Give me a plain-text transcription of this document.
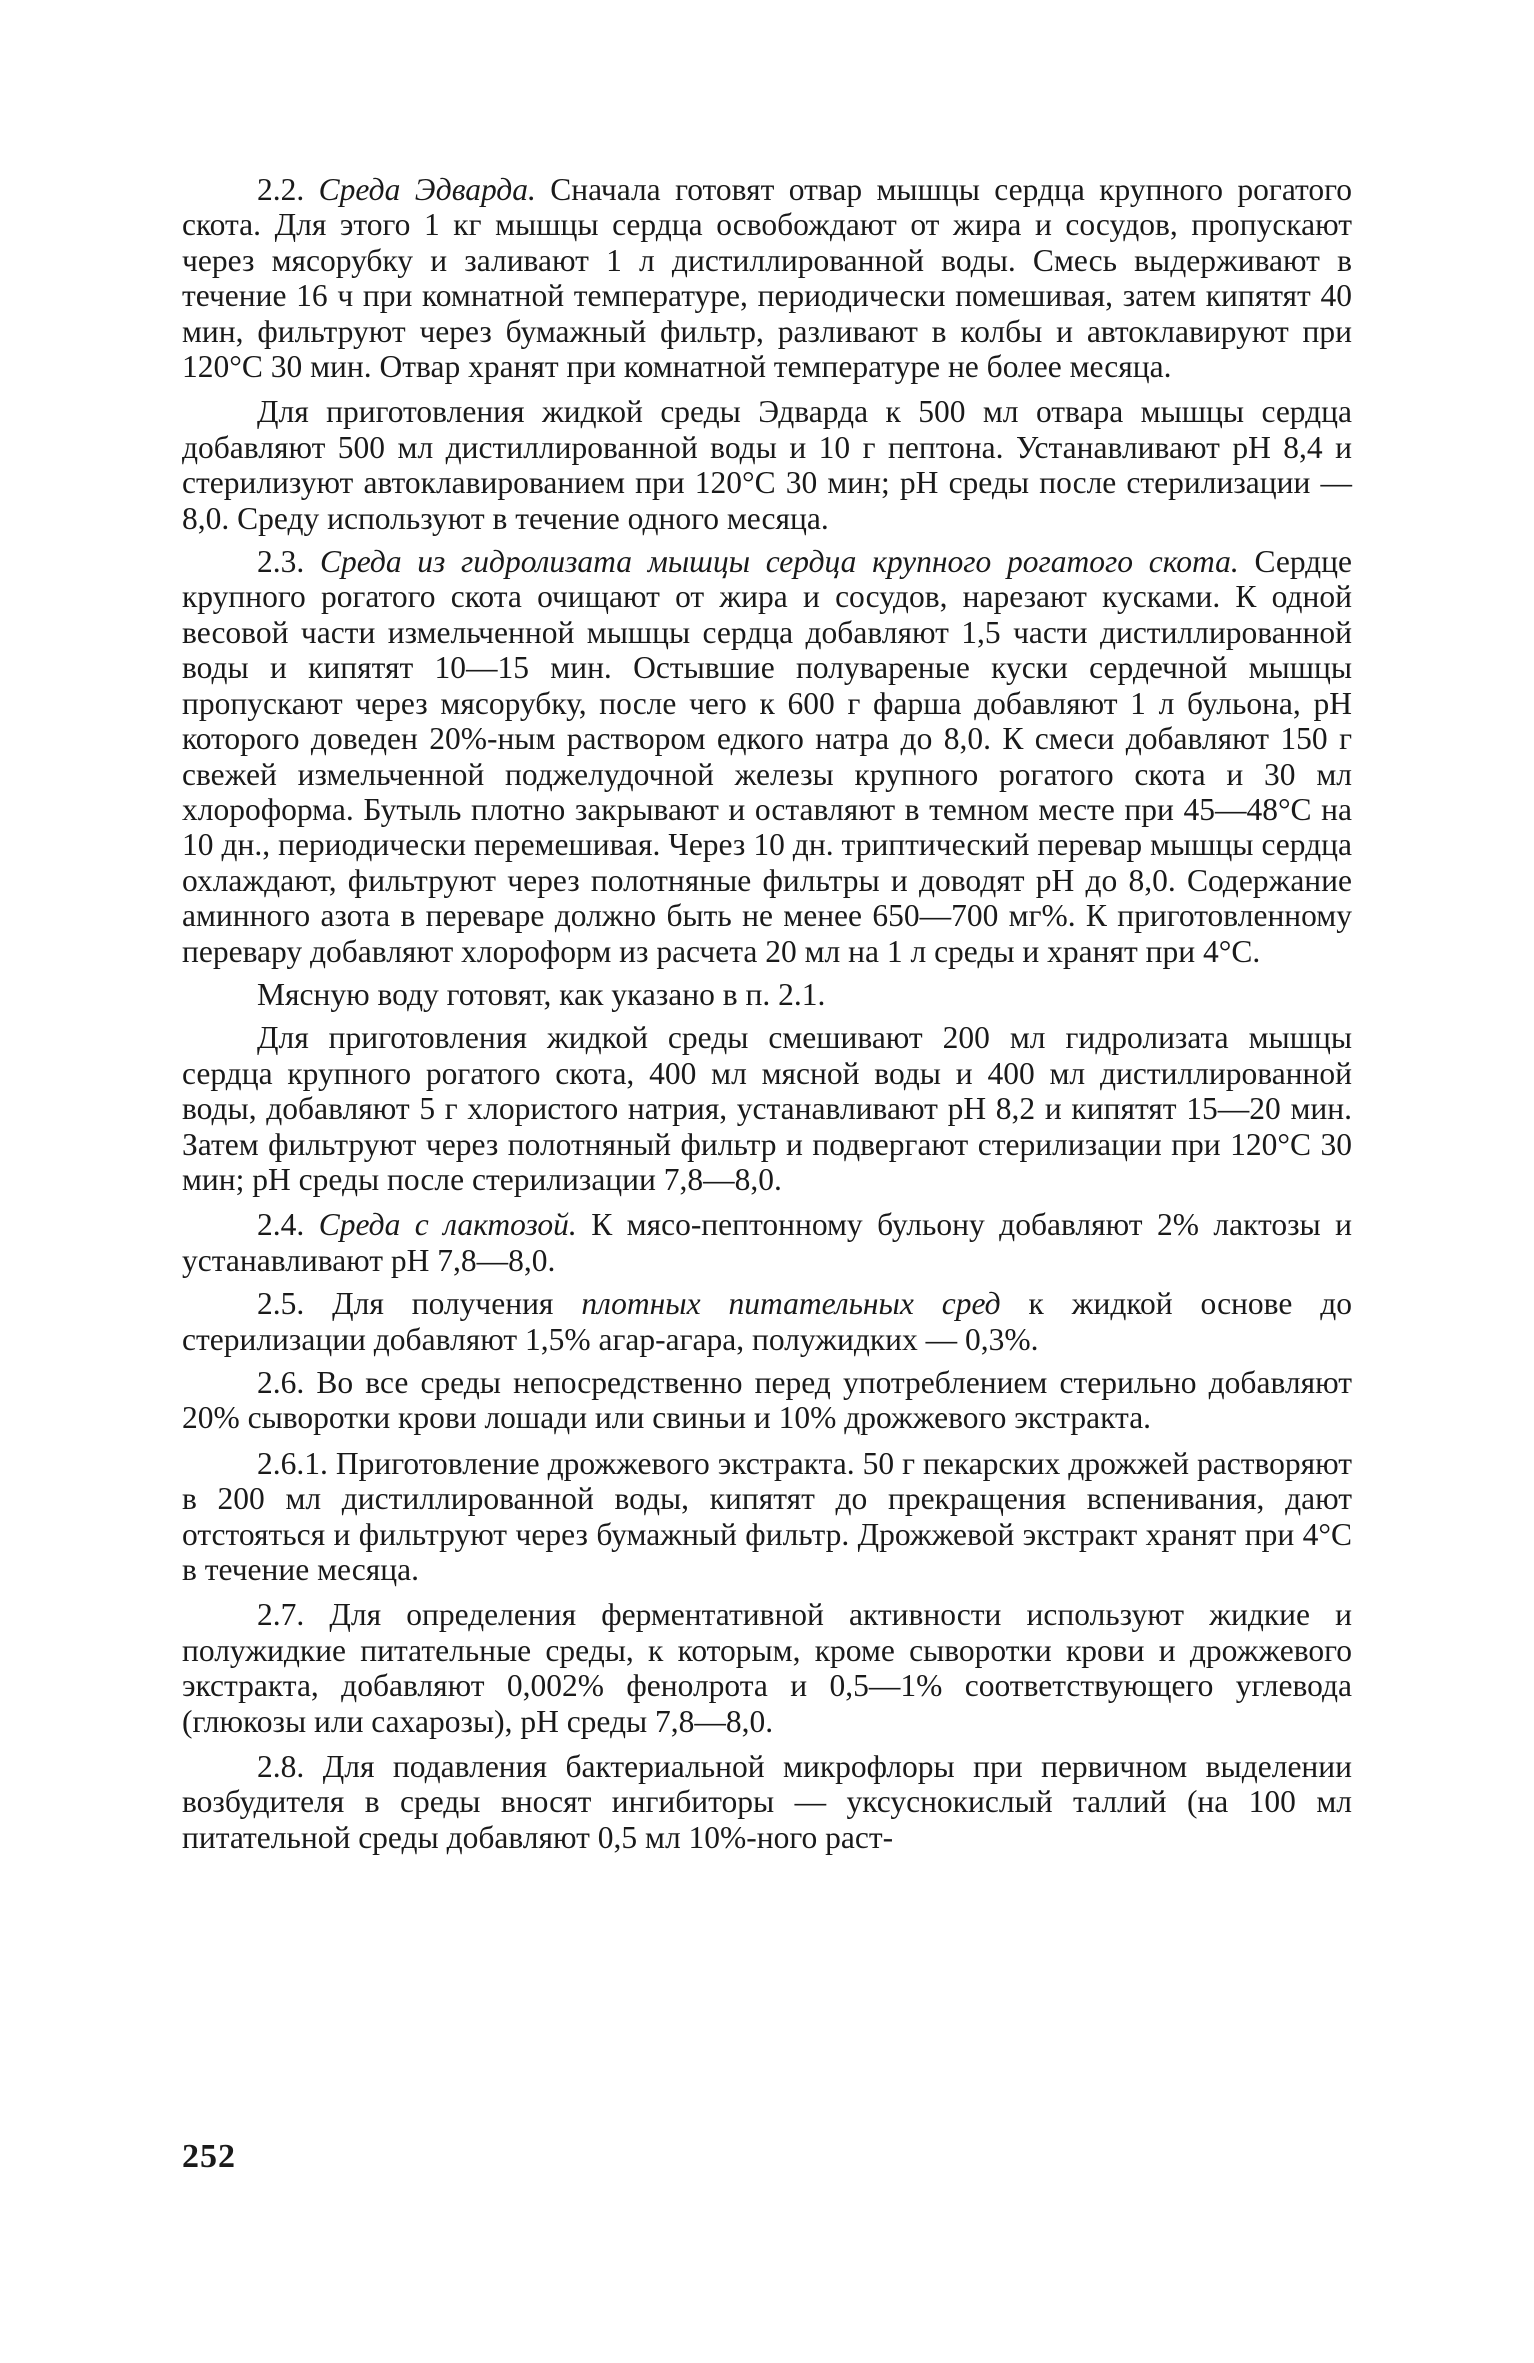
2.2. Среда Эдварда. Сначала готовят отвар мышцы сердца крупного рогатого скота. Для этого 1 кг мышцы сердца освобождают от жира и сосудов, пропускают через мясорубку и заливают 1 л дистиллированной воды. Смесь выдерживают в течение 16 ч при комнатной температуре, периодически помешивая, затем кипятят 40 мин, фильтруют через бумажный фильтр, разливают в колбы и автоклавируют при 120°С 30 мин. Отвар хранят при комнатной температуре не более месяца.

Для приготовления жидкой среды Эдварда к 500 мл отвара мышцы сердца добавляют 500 мл дистиллированной воды и 10 г пептона. Устанавливают рН 8,4 и стерилизуют автоклавированием при 120°С 30 мин; рН среды после стерилизации — 8,0. Среду используют в течение одного месяца.

2.3. Среда из гидролизата мышцы сердца крупного рогатого скота. Сердце крупного рогатого скота очищают от жира и сосудов, нарезают кусками. К одной весовой части измельченной мышцы сердца добавляют 1,5 части дистиллированной воды и кипятят 10—15 мин. Остывшие полувареные куски сердечной мышцы пропускают через мясорубку, после чего к 600 г фарша добавляют 1 л бульона, рН которого доведен 20%-ным раствором едкого натра до 8,0. К смеси добавляют 150 г свежей измельченной поджелудочной железы крупного рогатого скота и 30 мл хлороформа. Бутыль плотно закрывают и оставляют в темном месте при 45—48°С на 10 дн., периодически перемешивая. Через 10 дн. триптический перевар мышцы сердца охлаждают, фильтруют через полотняные фильтры и доводят рН до 8,0. Содержание аминного азота в переваре должно быть не менее 650—700 мг%. К приготовленному перевару добавляют хлороформ из расчета 20 мл на 1 л среды и хранят при 4°С.

Мясную воду готовят, как указано в п. 2.1.

Для приготовления жидкой среды смешивают 200 мл гидролизата мышцы сердца крупного рогатого скота, 400 мл мясной воды и 400 мл дистиллированной воды, добавляют 5 г хлористого натрия, устанавливают рН 8,2 и кипятят 15—20 мин. Затем фильтруют через полотняный фильтр и подвергают стерилизации при 120°С 30 мин; рН среды после стерилизации 7,8—8,0.

2.4. Среда с лактозой. К мясо-пептонному бульону добавляют 2% лактозы и устанавливают рН 7,8—8,0.

2.5. Для получения плотных питательных сред к жидкой основе до стерилизации добавляют 1,5% агар-агара, полужидких — 0,3%.

2.6. Во все среды непосредственно перед употреблением стерильно добавляют 20% сыворотки крови лошади или свиньи и 10% дрожжевого экстракта.

2.6.1. Приготовление дрожжевого экстракта. 50 г пекарских дрожжей растворяют в 200 мл дистиллированной воды, кипятят до прекращения вспенивания, дают отстояться и фильтруют через бумажный фильтр. Дрожжевой экстракт хранят при 4°С в течение месяца.

2.7. Для определения ферментативной активности используют жидкие и полужидкие питательные среды, к которым, кроме сыворотки крови и дрожжевого экстракта, добавляют 0,002% фенолрота и 0,5—1% соответствующего углевода (глюкозы или сахарозы), рН среды 7,8—8,0.

2.8. Для подавления бактериальной микрофлоры при первичном выделении возбудителя в среды вносят ингибиторы — уксуснокислый таллий (на 100 мл питательной среды добавляют 0,5 мл 10%-ного раст-

252
